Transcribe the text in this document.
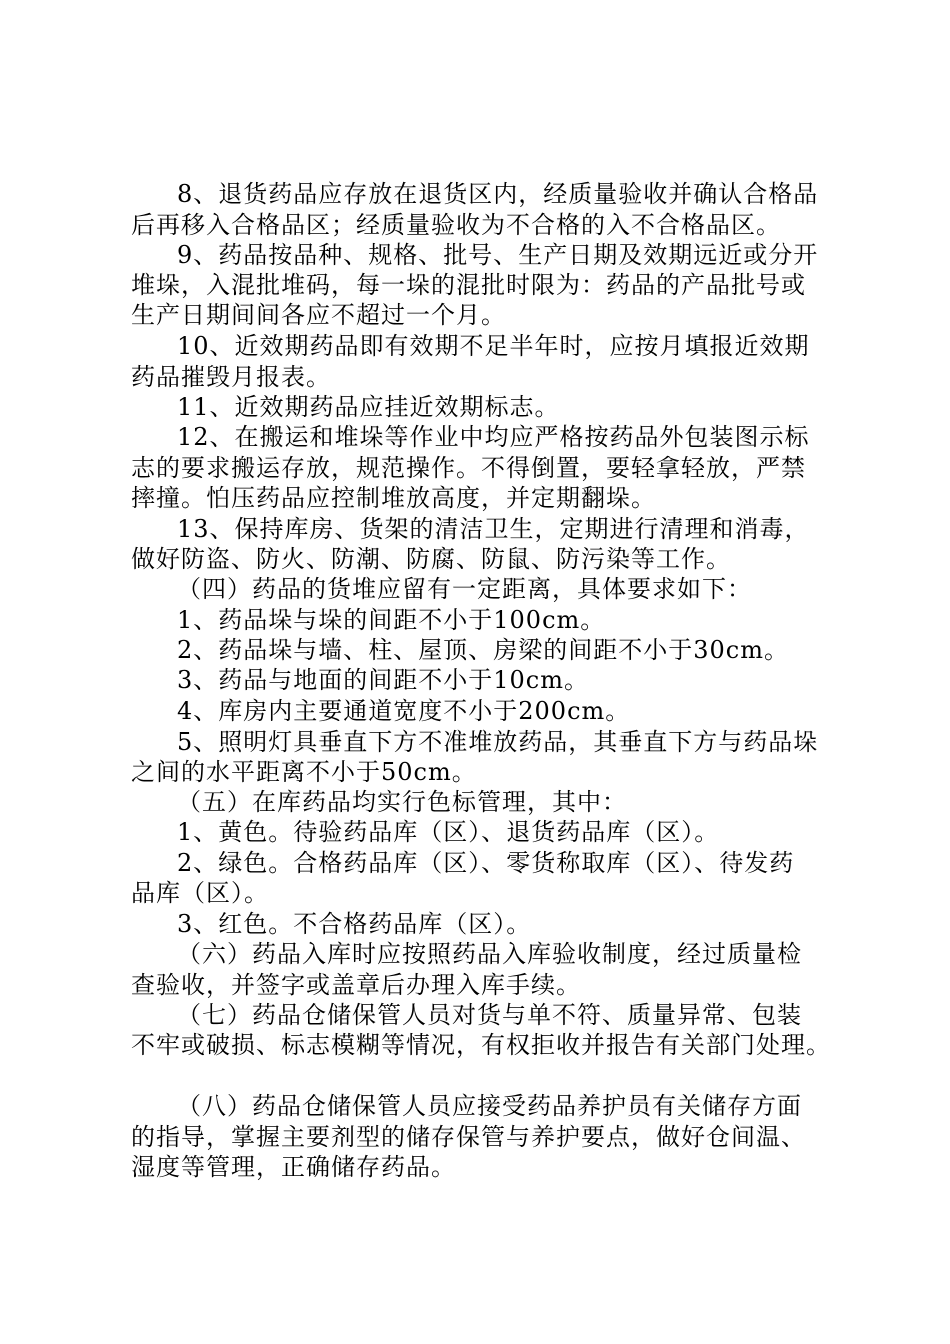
8、退货药品应存放在退货区内，经质量验收并确认合格品
后再移入合格品区；经质量验收为不合格的入不合格品区。
9、药品按品种、规格、批号、生产日期及效期远近或分开
堆垛，入混批堆码，每一垛的混批时限为：药品的产品批号或
生产日期间间各应不超过一个月。
10、近效期药品即有效期不足半年时，应按月填报近效期
药品摧毁月报表。
11、近效期药品应挂近效期标志。
12、在搬运和堆垛等作业中均应严格按药品外包装图示标
志的要求搬运存放，规范操作。不得倒置，要轻拿轻放，严禁
摔撞。怕压药品应控制堆放高度，并定期翻垛。
13、保持库房、货架的清洁卫生，定期进行清理和消毒，
做好防盗、防火、防潮、防腐、防鼠、防污染等工作。
（四）药品的货堆应留有一定距离，具体要求如下：
1、药品垛与垛的间距不小于100cm。
2、药品垛与墙、柱、屋顶、房梁的间距不小于30cm。
3、药品与地面的间距不小于10cm。
4、库房内主要通道宽度不小于200cm。
5、照明灯具垂直下方不准堆放药品，其垂直下方与药品垛
之间的水平距离不小于50cm。
（五）在库药品均实行色标管理，其中：
1、黄色。待验药品库（区）、退货药品库（区）。
2、绿色。合格药品库（区）、零货称取库（区）、待发药
品库（区）。
3、红色。不合格药品库（区）。
（六）药品入库时应按照药品入库验收制度，经过质量检
查验收，并签字或盖章后办理入库手续。
（七）药品仓储保管人员对货与单不符、质量异常、包装
不牢或破损、标志模糊等情况，有权拒收并报告有关部门处理。
（八）药品仓储保管人员应接受药品养护员有关储存方面
的指导，掌握主要剂型的储存保管与养护要点，做好仓间温、
湿度等管理，正确储存药品。
